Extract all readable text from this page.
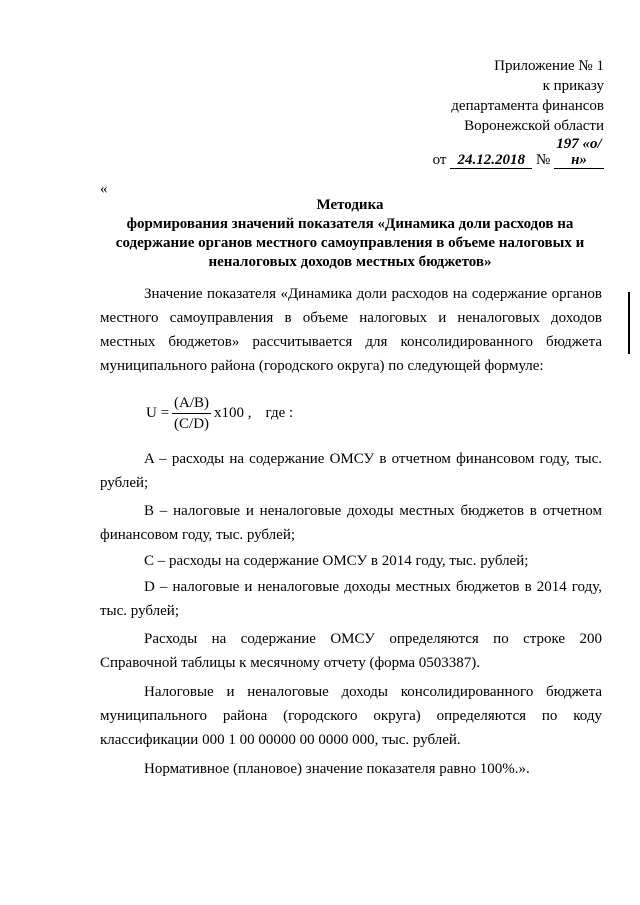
Приложение № 1
к приказу
департамента финансов
Воронежской области
от 24.12.2018 № 197 «о/н»
«
Методика
формирования значений показателя «Динамика доли расходов на
содержание органов местного самоуправления в объеме налоговых и
неналоговых доходов местных бюджетов»

Значение показателя «Динамика доли расходов на содержание органов местного самоуправления в объеме налоговых и неналоговых доходов местных бюджетов» рассчитывается для консолидированного бюджета муниципального района (городского округа) по следующей формуле:

$U = \frac{(A/B)}{(C/D)} x100$ , где :

A – расходы на содержание ОМСУ в отчетном финансовом году, тыс. рублей;

B – налоговые и неналоговые доходы местных бюджетов в отчетном финансовом году, тыс. рублей;

C – расходы на содержание ОМСУ в 2014 году, тыс. рублей;

D – налоговые и неналоговые доходы местных бюджетов в 2014 году, тыс. рублей;

Расходы на содержание ОМСУ определяются по строке 200 Справочной таблицы к месячному отчету (форма 0503387).

Налоговые и неналоговые доходы консолидированного бюджета муниципального района (городского округа) определяются по коду классификации 000 1 00 00000 00 0000 000, тыс. рублей.

Нормативное (плановое) значение показателя равно 100%.».
